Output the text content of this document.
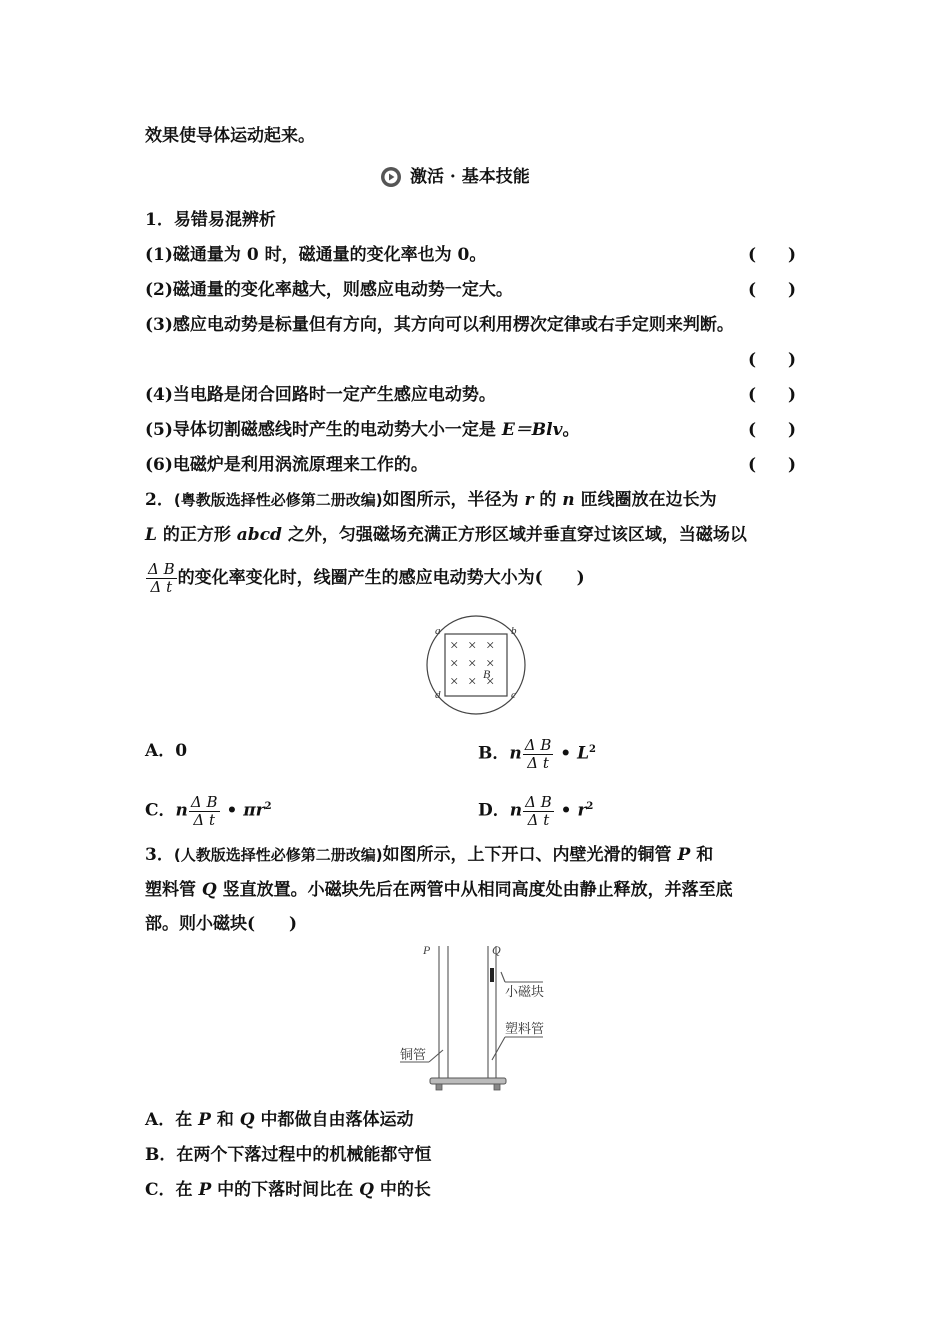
效果使导体运动起来。
激活 · 基本技能
1．易错易混辨析
(1)磁通量为 0 时，磁通量的变化率也为 0。	( )
(2)磁通量的变化率越大，则感应电动势一定大。	( )
(3)感应电动势是标量但有方向，其方向可以利用楞次定律或右手定则来判断。
( )
(4)当电路是闭合回路时一定产生感应电动势。	( )
(5)导体切割磁感线时产生的电动势大小一定是 E＝Blv。	( )
(6)电磁炉是利用涡流原理来工作的。	( )
2．(粤教版选择性必修第二册改编)如图所示，半径为 r 的 n 匝线圈放在边长为
L 的正方形 abcd 之外，匀强磁场充满正方形区域并垂直穿过该区域，当磁场以
$\frac{\text{Δ B}}{\text{Δ t}}$ 的变化率变化时，线圈产生的感应电动势大小为(　　)
× × ×
× × ×
× × ×
a	b
c
d
B
A．0	B．n $\frac{\text{Δ B}}{\text{Δ t}}$ • $L^2$
C．n $\frac{\text{Δ B}}{\text{Δ t}}$ • $\pi r^2$	D．n $\frac{\text{Δ B}}{\text{Δ t}}$ • $r^2$
3．(人教版选择性必修第二册改编)如图所示，上下开口、内壁光滑的铜管 P 和
塑料管 Q 竖直放置。小磁块先后在两管中从相同高度处由静止释放，并落至底
部。则小磁块(　　)
P	Q
小磁块
塑料管
铜管
A．在 P 和 Q 中都做自由落体运动
B．在两个下落过程中的机械能都守恒
C．在 P 中的下落时间比在 Q 中的长
